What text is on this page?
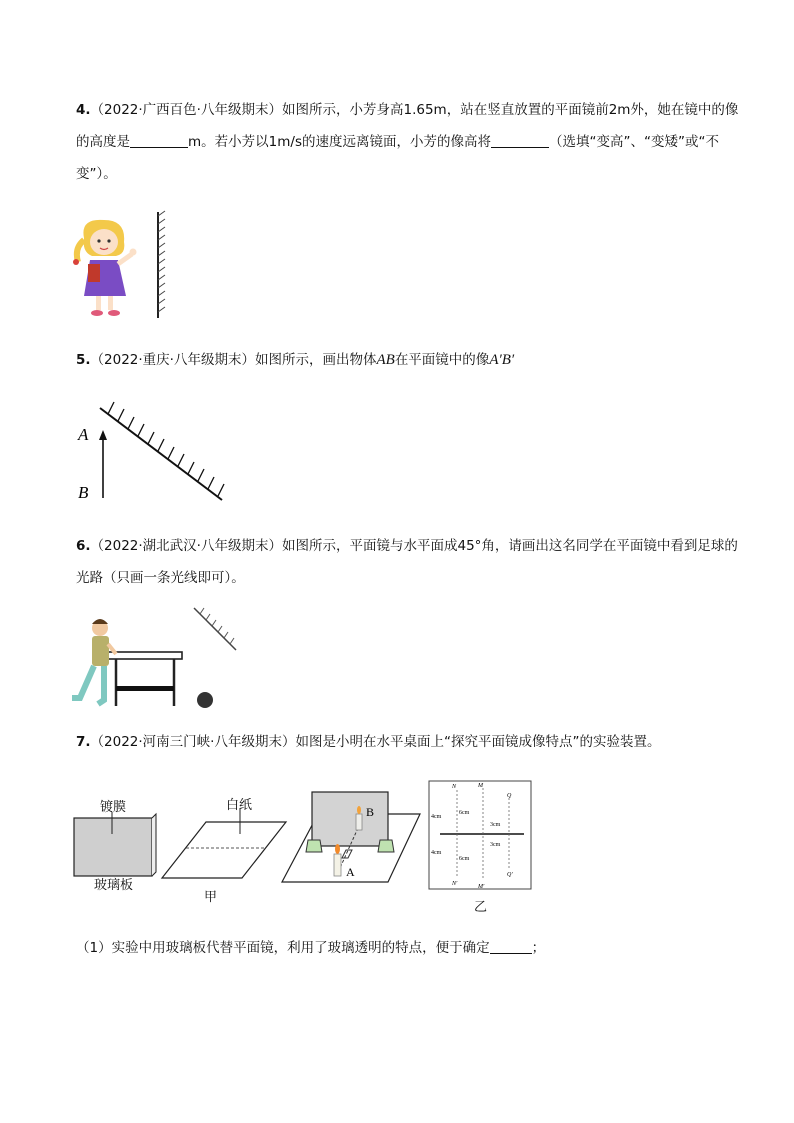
4.（2022·广西百色·八年级期末）如图所示，小芳身高1.65m，站在竖直放置的平面镜前2m外，她在镜中的像的高度是	m。若小芳以1m/s的速度远离镜面，小芳的像高将	（选填“变高”、“变矮”或“不变”）。
5.（2022·重庆·八年级期末）如图所示，画出物体AB在平面镜中的像A′B′
A
B
6.（2022·湖北武汉·八年级期末）如图所示，平面镜与水平面成45°角，请画出这名同学在平面镜中看到足球的光路（只画一条光线即可）。
7.（2022·河南三门峡·八年级期末）如图是小明在水平桌面上“探究平面镜成像特点”的实验装置。
镀膜
玻璃板
白纸
甲
B
A
N
N′
M
M′
Q
Q′
4cm
4cm
6cm
6cm
3cm
3cm
乙
（1）实验中用玻璃板代替平面镜，利用了玻璃透明的特点，便于确定	；
